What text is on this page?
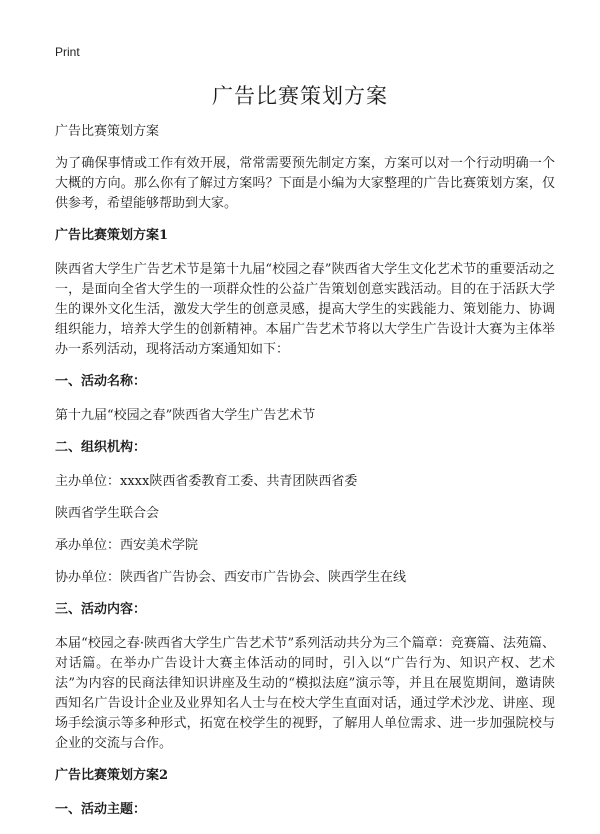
Print
广告比赛策划方案

广告比赛策划方案

为了确保事情或工作有效开展，常常需要预先制定方案，方案可以对一个行动明确一个大概的方向。那么你有了解过方案吗？下面是小编为大家整理的广告比赛策划方案，仅供参考，希望能够帮助到大家。

广告比赛策划方案1

陕西省大学生广告艺术节是第十九届“校园之春”陕西省大学生文化艺术节的重要活动之一，是面向全省大学生的一项群众性的公益广告策划创意实践活动。目的在于活跃大学生的课外文化生活，激发大学生的创意灵感，提高大学生的实践能力、策划能力、协调组织能力，培养大学生的创新精神。本届广告艺术节将以大学生广告设计大赛为主体举办一系列活动，现将活动方案通知如下：

一、活动名称：

第十九届“校园之春”陕西省大学生广告艺术节

二、组织机构：

主办单位：xxxx陕西省委教育工委、共青团陕西省委

陕西省学生联合会

承办单位：西安美术学院

协办单位：陕西省广告协会、西安市广告协会、陕西学生在线

三、活动内容：

本届“校园之春·陕西省大学生广告艺术节”系列活动共分为三个篇章：竞赛篇、法苑篇、对话篇。在举办广告设计大赛主体活动的同时，引入以“广告行为、知识产权、艺术法”为内容的民商法律知识讲座及生动的“模拟法庭”演示等，并且在展览期间，邀请陕西知名广告设计企业及业界知名人士与在校大学生直面对话，通过学术沙龙、讲座、现场手绘演示等多种形式，拓宽在校学生的视野，了解用人单位需求、进一步加强院校与企业的交流与合作。

广告比赛策划方案2
一、活动主题：
